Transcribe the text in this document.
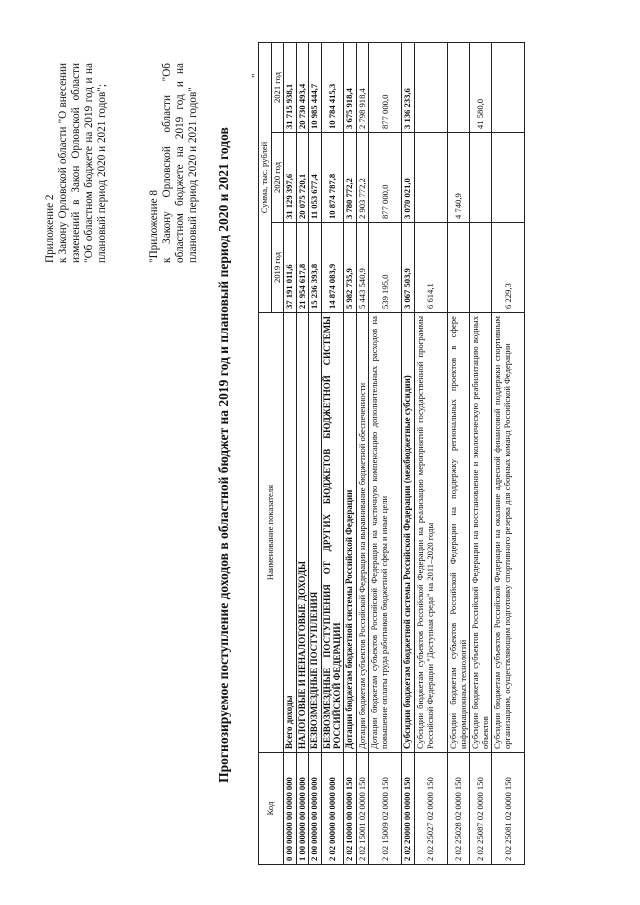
Приложение 2 к Закону Орловской области "О внесении изменений в Закон Орловской области "Об областном бюджете на 2019 год и на плановый период 2020 и 2021 годов";	"Приложение 8 к Закону Орловской области "Об областном бюджете на 2019 год и на плановый период 2020 и 2021 годов" Прогнозируемое поступление доходов в областной бюджет на 2019 год и плановый период 2020 и 2021 годов
"
Код	Наименование показателя	Сумма, тыс. рублей		
		2019 год	2020 год	2021 год
0 00 00000 00 0000 000	Всего доходы	37 191 011,6	31 129 397,6	31 715 938,1
1 00 00000 00 0000 000	НАЛОГОВЫЕ И НЕНАЛОГОВЫЕ ДОХОДЫ	21 954 617,8	20 075 720,1	20 730 493,4
2 00 00000 00 0000 000	БЕЗВОЗМЕЗДНЫЕ ПОСТУПЛЕНИЯ	15 236 393,8	11 053 677,4	10 985 444,7
2 02 00000 00 0000 000	БЕЗВОЗМЕЗДНЫЕ ПОСТУПЛЕНИЯ ОТ ДРУГИХ БЮДЖЕТОВ БЮДЖЕТНОЙ СИСТЕМЫ РОССИЙСКОЙ ФЕДЕРАЦИИ	14 874 083,9	10 874 787,8	10 784 415,3
2 02 10000 00 0000 150	Дотации бюджетам бюджетной системы Российской Федерации	5 982 735,9	3 780 772,2	3 675 918,4
2 02 15001 02 0000 150	Дотации бюджетам субъектов Российской Федерации на выравнивание бюджетной обеспеченности	5 443 540,9	2 903 772,2	2 798 918,4
2 02 15009 02 0000 150	Дотации бюджетам субъектов Российской Федерации на частичную компенсацию дополнительных расходов на повышение оплаты труда работников бюджетной сферы и иные цели	539 195,0	877 000,0	877 000,0
2 02 20000 00 0000 150	Субсидии бюджетам бюджетной системы Российской Федерации (межбюджетные субсидии)	3 067 503,9	3 070 021,0	3 136 233,6
2 02 25027 02 0000 150	Субсидии бюджетам субъектов Российской Федерации на реализацию мероприятий государственной программы Российской Федерации "Доступная среда" на 2011–2020 годы	6 614,1		
2 02 25028 02 0000 150	Субсидии бюджетам субъектов Российской Федерации на поддержку региональных проектов в сфере информационных технологий		4 740,9	
2 02 25087 02 0000 150	Субсидии бюджетам субъектов Российской Федерации на восстановление и экологическую реабилитацию водных объектов			41 580,0
2 02 25081 02 0000 150	Субсидии бюджетам субъектов Российской Федерации на оказание адресной финансовой поддержки спортивным организациям, осуществляющим подготовку спортивного резерва для сборных команд Российской Федерации	6 229,3		
